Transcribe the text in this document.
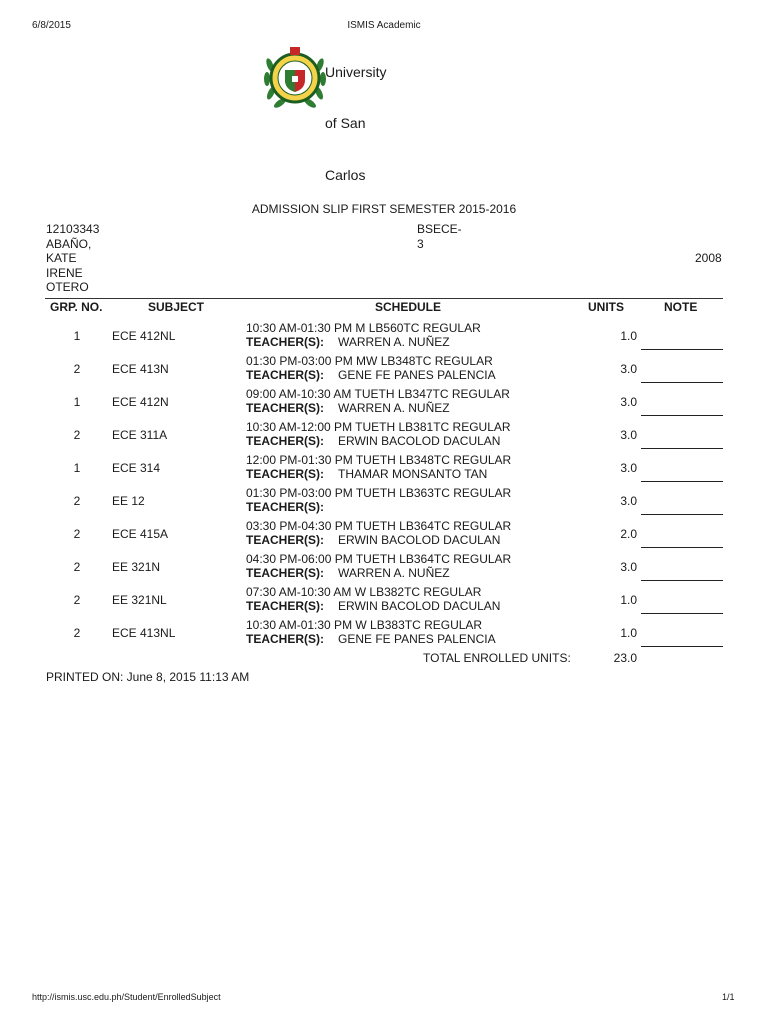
6/8/2015	ISMIS Academic
University
of San
Carlos
ADMISSION SLIP FIRST SEMESTER 2015-2016
12103343
ABAÑO,
KATE
IRENE
OTERO
BSECE-
3
2008
GRP. NO.	SUBJECT	SCHEDULE	UNITS	NOTE
1	ECE 412NL
10:30 AM-01:30 PM M LB560TC REGULAR
TEACHER(S): WARREN A. NUÑEZ	1.0
2	ECE 413N
01:30 PM-03:00 PM MW LB348TC REGULAR
TEACHER(S): GENE FE PANES PALENCIA	3.0
1	ECE 412N
09:00 AM-10:30 AM TUETH LB347TC REGULAR
TEACHER(S): WARREN A. NUÑEZ	3.0
2	ECE 311A
10:30 AM-12:00 PM TUETH LB381TC REGULAR
TEACHER(S): ERWIN BACOLOD DACULAN	3.0
1	ECE 314
12:00 PM-01:30 PM TUETH LB348TC REGULAR
TEACHER(S): THAMAR MONSANTO TAN	3.0
2	EE 12
01:30 PM-03:00 PM TUETH LB363TC REGULAR
TEACHER(S):	3.0
2	ECE 415A
03:30 PM-04:30 PM TUETH LB364TC REGULAR
TEACHER(S): ERWIN BACOLOD DACULAN	2.0
2	EE 321N
04:30 PM-06:00 PM TUETH LB364TC REGULAR
TEACHER(S): WARREN A. NUÑEZ	3.0
2	EE 321NL
07:30 AM-10:30 AM W LB382TC REGULAR
TEACHER(S): ERWIN BACOLOD DACULAN	1.0
2	ECE 413NL
10:30 AM-01:30 PM W LB383TC REGULAR
TEACHER(S): GENE FE PANES PALENCIA	1.0
TOTAL ENROLLED UNITS:	23.0
PRINTED ON: June 8, 2015 11:13 AM
http://ismis.usc.edu.ph/Student/EnrolledSubject	1/1
